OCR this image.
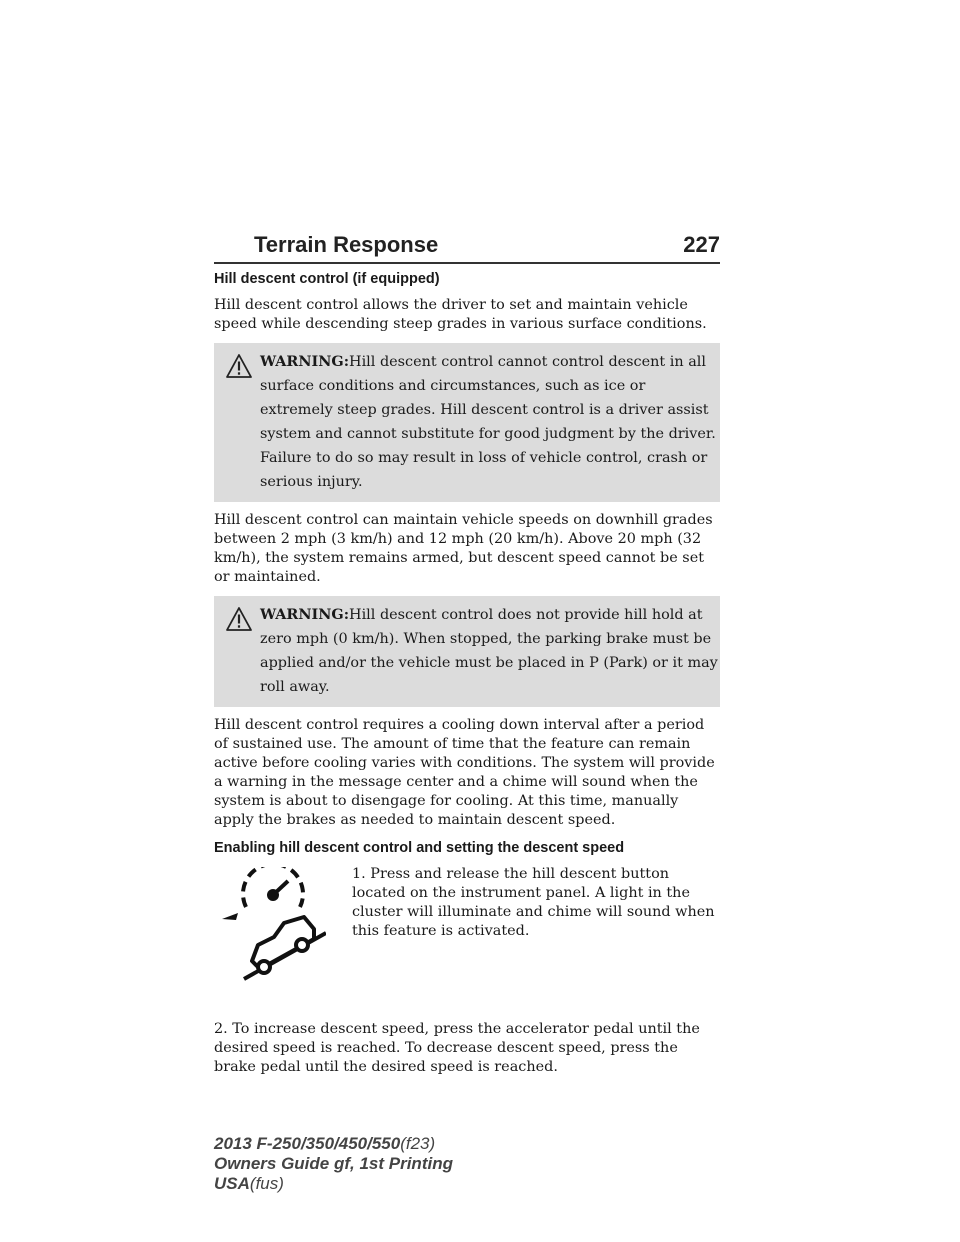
Terrain Response	227
Hill descent control (if equipped)

Hill descent control allows the driver to set and maintain vehicle speed while descending steep grades in various surface conditions.

WARNING:Hill descent control cannot control descent in all

surface conditions and circumstances, such as ice or extremely steep grades. Hill descent control is a driver assist system and cannot substitute for good judgment by the driver. Failure to do so may result in loss of vehicle control, crash or serious injury.

Hill descent control can maintain vehicle speeds on downhill grades between 2 mph (3 km/h) and 12 mph (20 km/h). Above 20 mph (32 km/h), the system remains armed, but descent speed cannot be set or maintained.

WARNING:Hill descent control does not provide hill hold at

zero mph (0 km/h). When stopped, the parking brake must be applied and/or the vehicle must be placed in P (Park) or it may roll away.

Hill descent control requires a cooling down interval after a period of sustained use. The amount of time that the feature can remain active before cooling varies with conditions. The system will provide a warning in the message center and a chime will sound when the system is about to disengage for cooling. At this time, manually apply the brakes as needed to maintain descent speed.

Enabling hill descent control and setting the descent speed
1. Press and release the hill descent button located on the instrument panel. A light in the cluster will illuminate and chime will sound when this feature is activated.

2. To increase descent speed, press the accelerator pedal until the desired speed is reached. To decrease descent speed, press the brake pedal until the desired speed is reached.

2013 F-250/350/450/550(f23)
Owners Guide gf, 1st Printing
USA(fus)
